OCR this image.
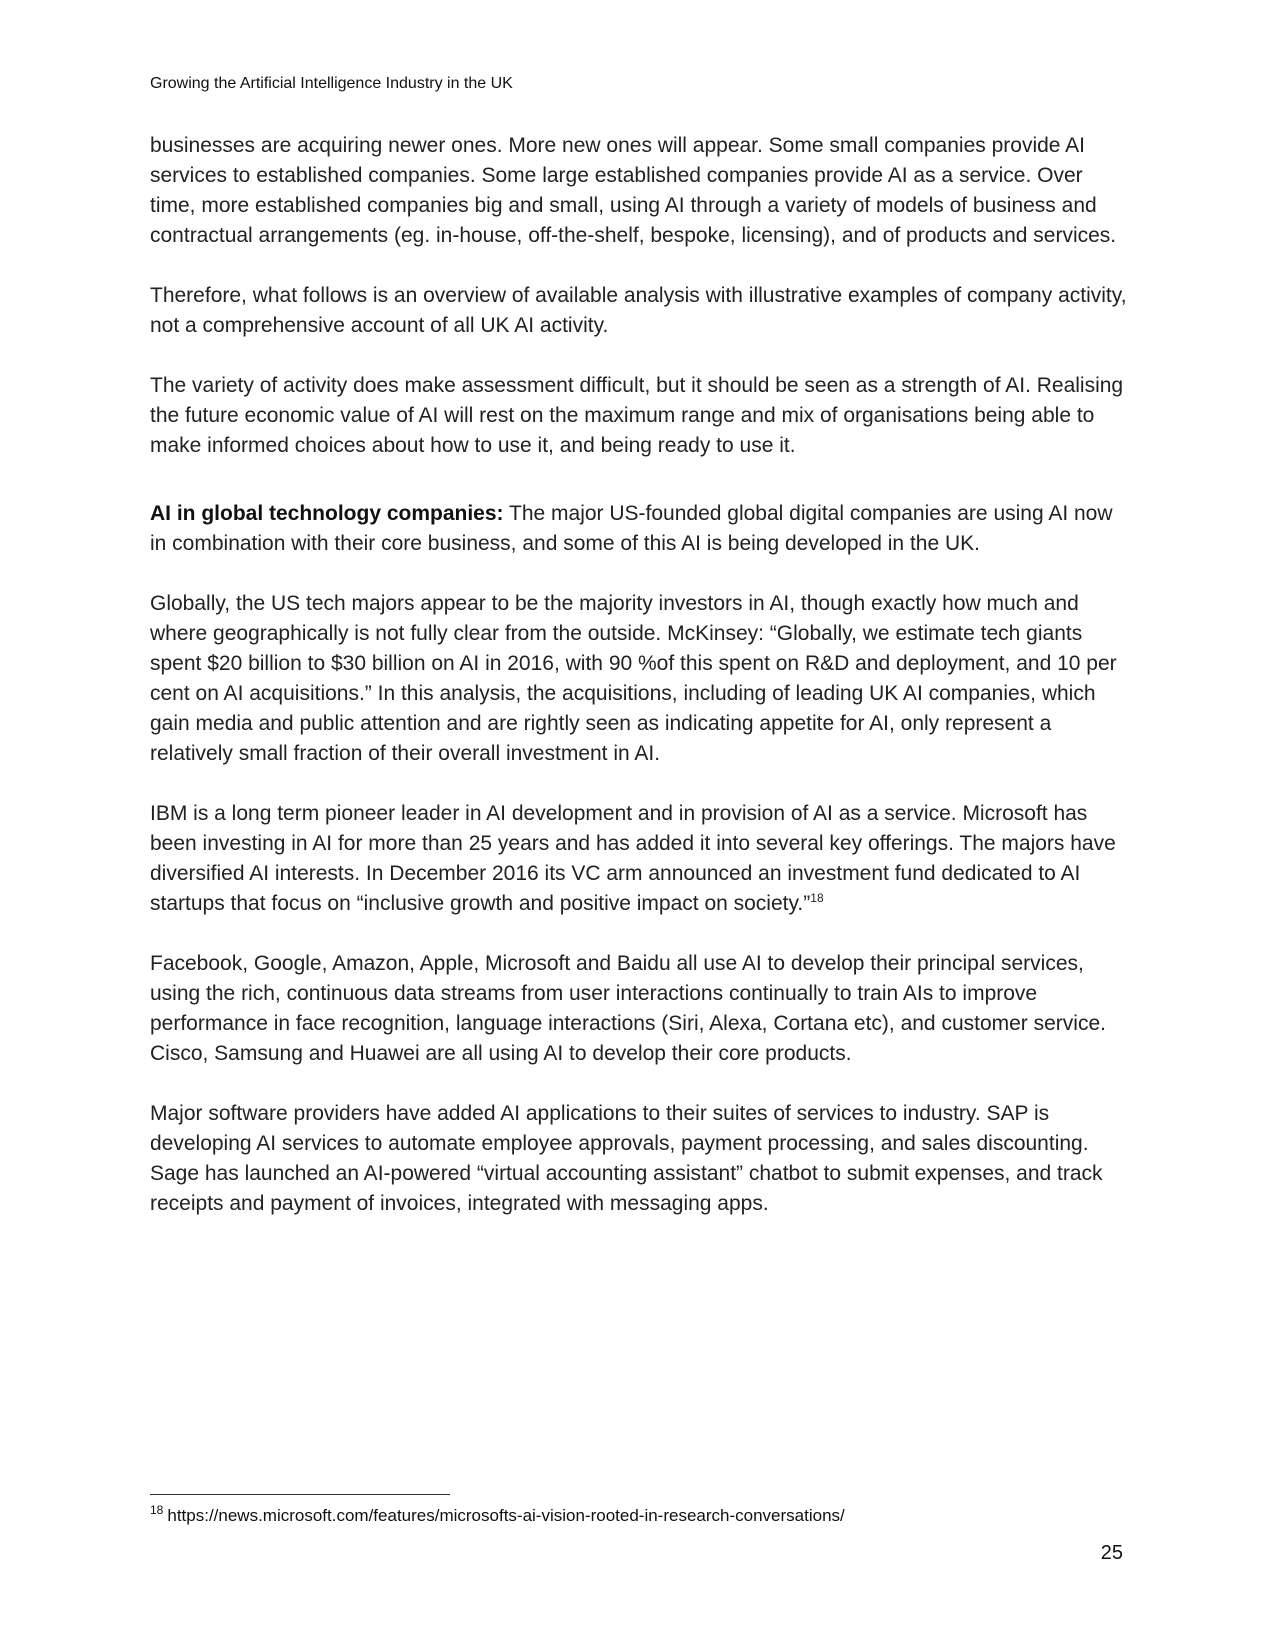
Growing the Artificial Intelligence Industry in the UK

businesses are acquiring newer ones. More new ones will appear. Some small companies provide AI services to established companies. Some large established companies provide AI as a service. Over time, more established companies big and small, using AI through a variety of models of business and contractual arrangements (eg. in-house, off-the-shelf, bespoke, licensing), and of products and services.

Therefore, what follows is an overview of available analysis with illustrative examples of company activity, not a comprehensive account of all UK AI activity.

The variety of activity does make assessment difficult, but it should be seen as a strength of AI. Realising the future economic value of AI will rest on the maximum range and mix of organisations being able to make informed choices about how to use it, and being ready to use it.

AI in global technology companies: The major US-founded global digital companies are using AI now in combination with their core business, and some of this AI is being developed in the UK.

Globally, the US tech majors appear to be the majority investors in AI, though exactly how much and where geographically is not fully clear from the outside. McKinsey: “Globally, we estimate tech giants spent $20 billion to $30 billion on AI in 2016, with 90 %of this spent on R&D and deployment, and 10 per cent on AI acquisitions.” In this analysis, the acquisitions, including of leading UK AI companies, which gain media and public attention and are rightly seen as indicating appetite for AI, only represent a relatively small fraction of their overall investment in AI.

IBM is a long term pioneer leader in AI development and in provision of AI as a service. Microsoft has been investing in AI for more than 25 years and has added it into several key offerings. The majors have diversified AI interests. In December 2016 its VC arm announced an investment fund dedicated to AI startups that focus on “inclusive growth and positive impact on society.”$^{18}$

Facebook, Google, Amazon, Apple, Microsoft and Baidu all use AI to develop their principal services, using the rich, continuous data streams from user interactions continually to train AIs to improve performance in face recognition, language interactions (Siri, Alexa, Cortana etc), and customer service. Cisco, Samsung and Huawei are all using AI to develop their core products.

Major software providers have added AI applications to their suites of services to industry. SAP is developing AI services to automate employee approvals, payment processing, and sales discounting. Sage has launched an AI-powered “virtual accounting assistant” chatbot to submit expenses, and track receipts and payment of invoices, integrated with messaging apps.

$^{18}$ https://news.microsoft.com/features/microsofts-ai-vision-rooted-in-research-conversations/
25
